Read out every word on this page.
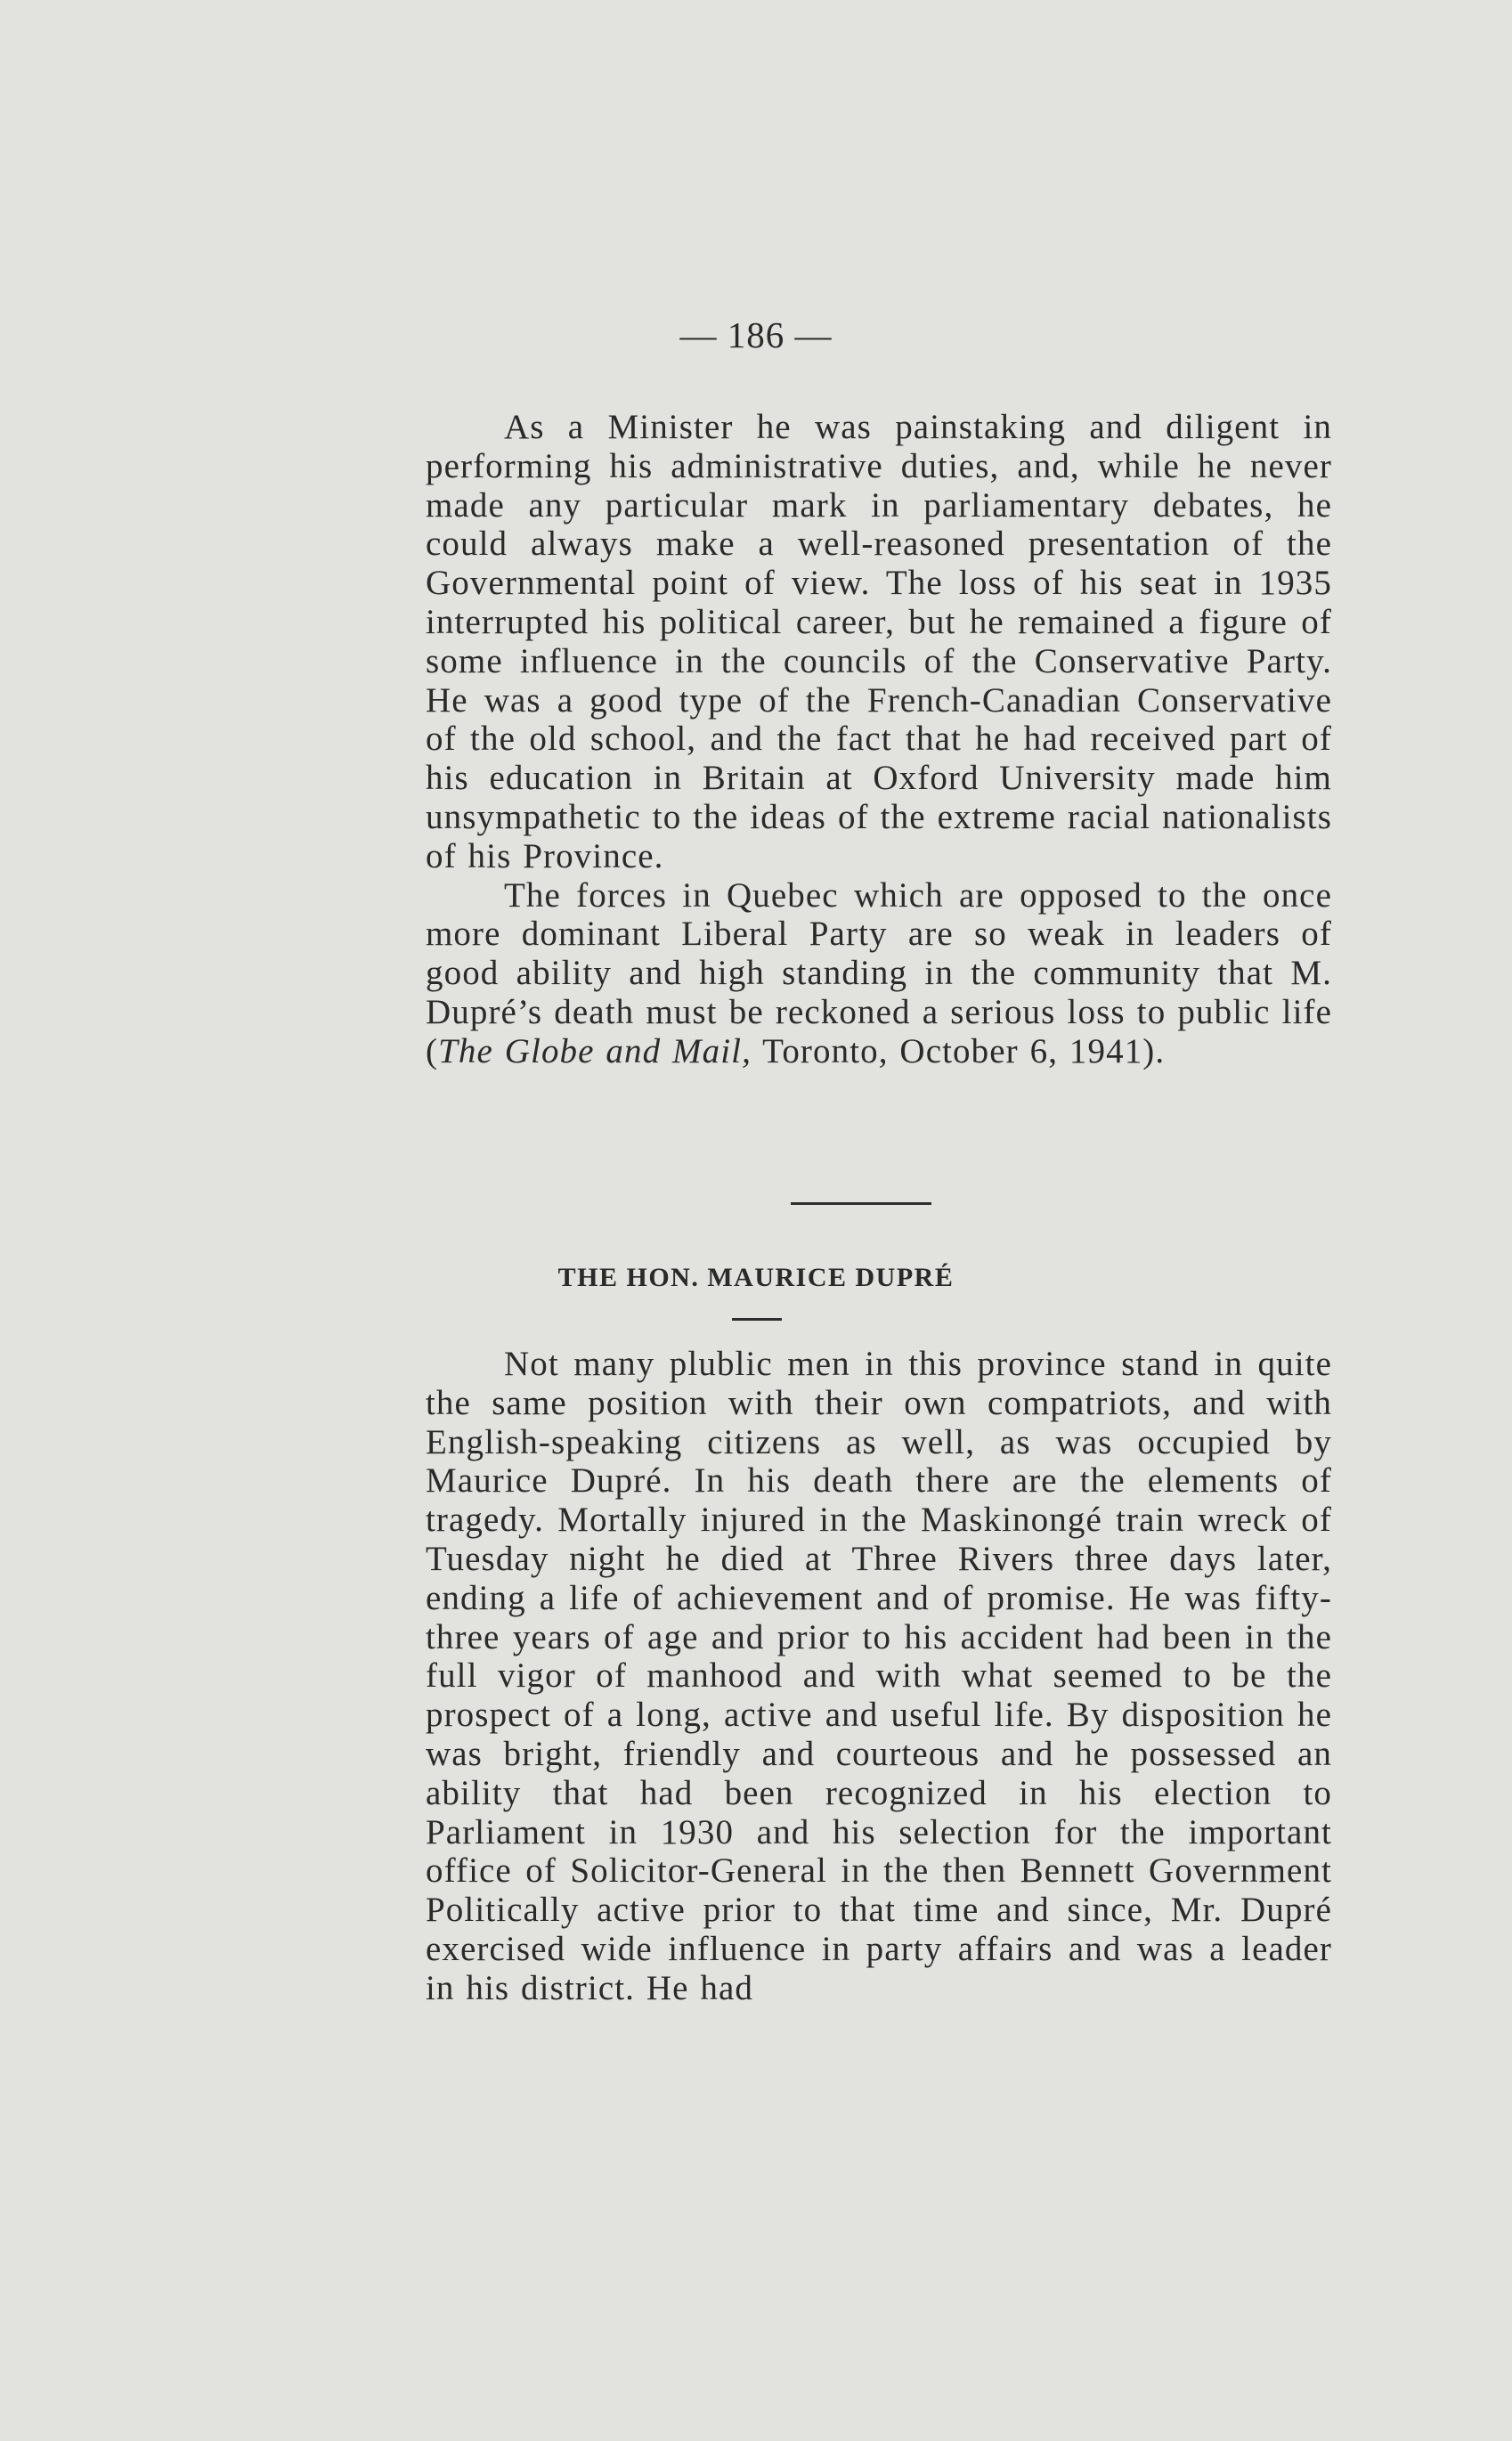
— 186 —

As a Minister he was painstaking and diligent in performing his administrative duties, and, while he never made any particular mark in parliamentary debates, he could always make a well-reasoned presentation of the Governmental point of view. The loss of his seat in 1935 interrupted his political career, but he remained a figure of some influence in the councils of the Conservative Party. He was a good type of the French-Canadian Conservative of the old school, and the fact that he had received part of his education in Britain at Oxford University made him unsympathetic to the ideas of the extreme racial nationalists of his Province.

The forces in Quebec which are opposed to the once more dominant Liberal Party are so weak in leaders of good ability and high standing in the community that M. Dupré’s death must be reckoned a serious loss to public life (The Globe and Mail, Toronto, October 6, 1941).

THE HON. MAURICE DUPRÉ

Not many plublic men in this province stand in quite the same position with their own compatriots, and with English-speaking citizens as well, as was occupied by Maurice Dupré. In his death there are the elements of tragedy. Mortally injured in the Maskinongé train wreck of Tuesday night he died at Three Rivers three days later, ending a life of achievement and of promise. He was fifty-three years of age and prior to his accident had been in the full vigor of manhood and with what seemed to be the prospect of a long, active and useful life. By disposition he was bright, friendly and courteous and he possessed an ability that had been recognized in his election to Parliament in 1930 and his selection for the important office of Solicitor-General in the then Bennett Government Politically active prior to that time and since, Mr. Dupré exercised wide influence in party affairs and was a leader in his district. He had
